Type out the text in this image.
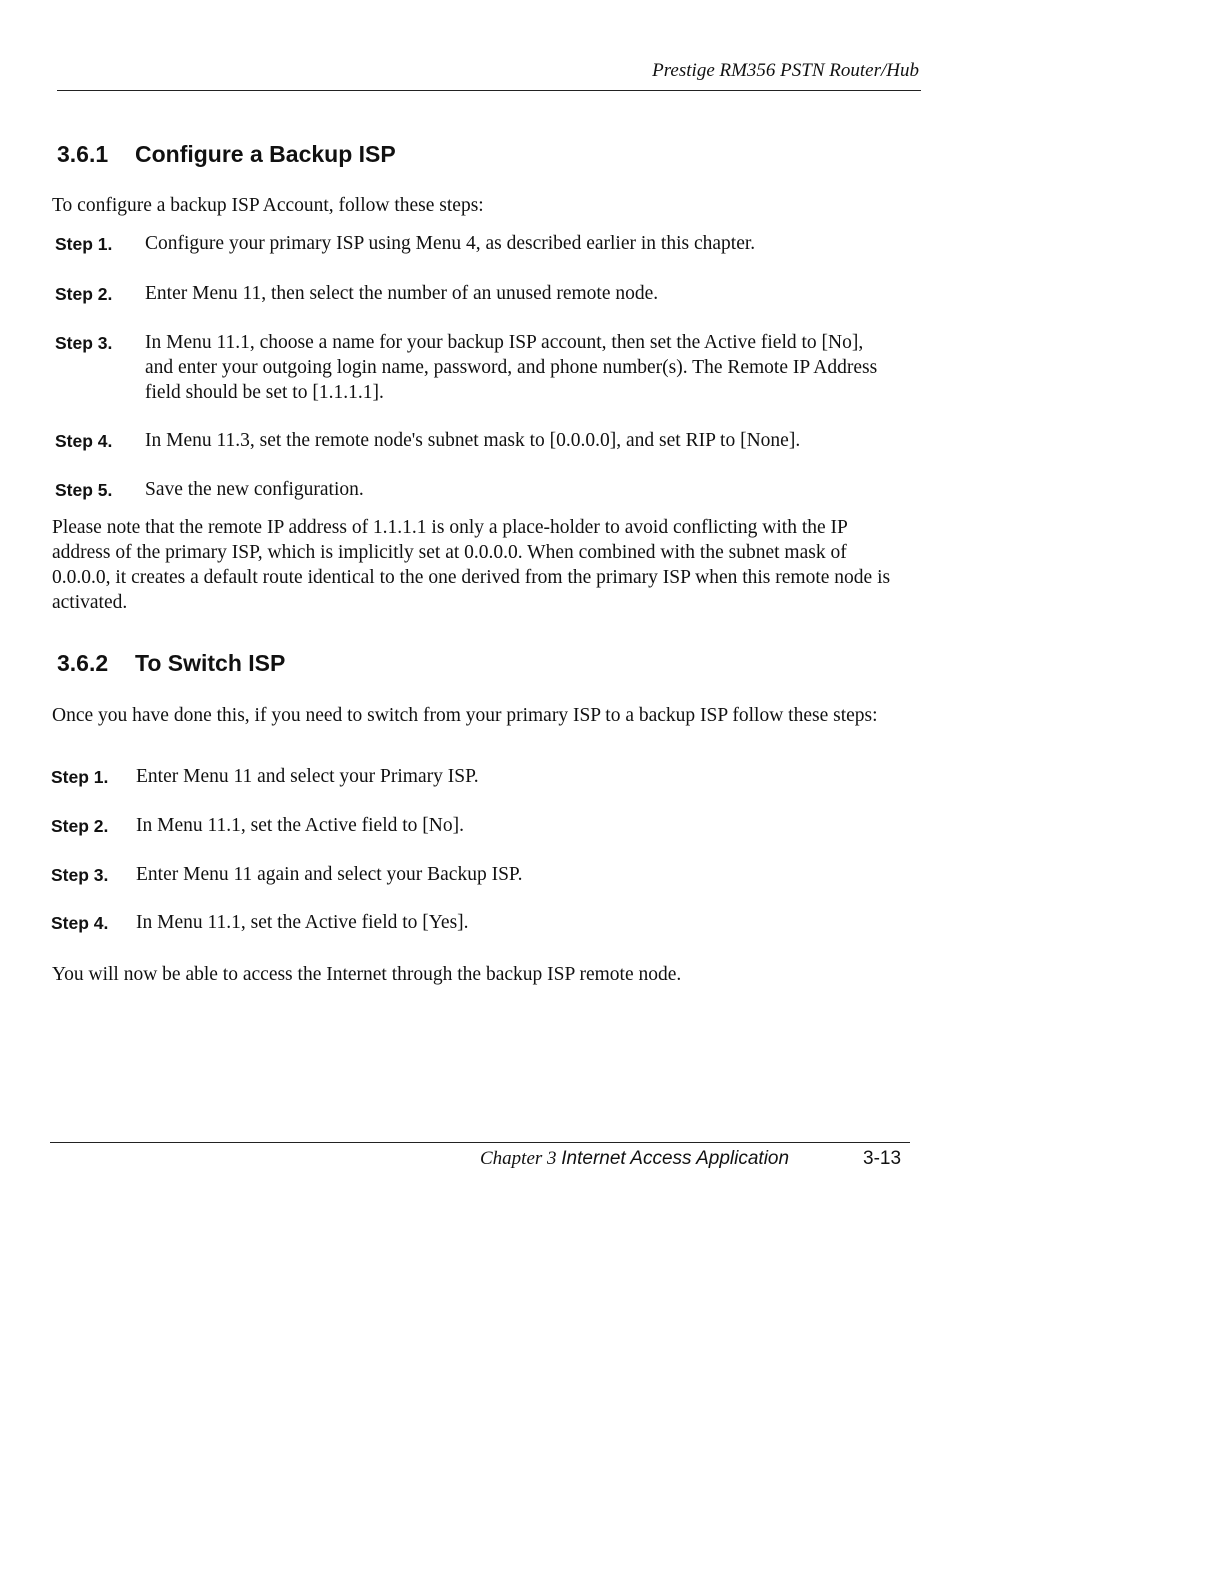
Prestige RM356 PSTN Router/Hub
3.6.1 Configure a Backup ISP
To configure a backup ISP Account, follow these steps:
Step 1. Configure your primary ISP using Menu 4, as described earlier in this chapter.
Step 2. Enter Menu 11, then select the number of an unused remote node.
Step 3. In Menu 11.1, choose a name for your backup ISP account, then set the Active field to [No], and enter your outgoing login name, password, and phone number(s). The Remote IP Address field should be set to [1.1.1.1].
Step 4. In Menu 11.3, set the remote node's subnet mask to [0.0.0.0], and set RIP to [None].
Step 5. Save the new configuration.
Please note that the remote IP address of 1.1.1.1 is only a place-holder to avoid conflicting with the IP address of the primary ISP, which is implicitly set at 0.0.0.0. When combined with the subnet mask of 0.0.0.0, it creates a default route identical to the one derived from the primary ISP when this remote node is activated.
3.6.2 To Switch ISP
Once you have done this, if you need to switch from your primary ISP to a backup ISP follow these steps:
Step 1. Enter Menu 11 and select your Primary ISP.
Step 2. In Menu 11.1, set the Active field to [No].
Step 3. Enter Menu 11 again and select your Backup ISP.
Step 4. In Menu 11.1, set the Active field to [Yes].
You will now be able to access the Internet through the backup ISP remote node.
Chapter 3 Internet Access Application	3-13
